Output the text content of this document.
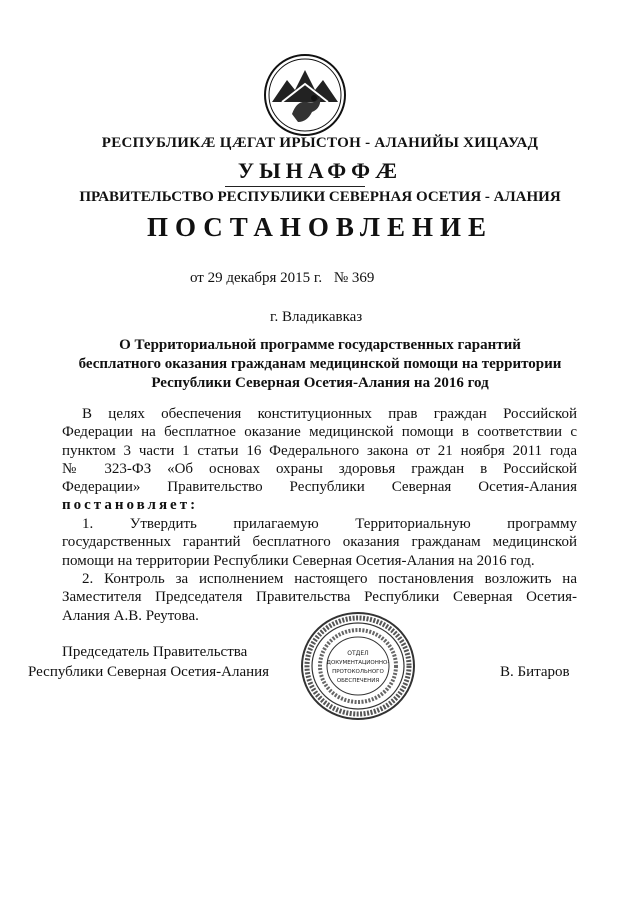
РЕСПУБЛИКÆ ЦÆГАТ ИРЫСТОН - АЛАНИЙЫ ХИЦАУАД
УЫНАФФÆ
ПРАВИТЕЛЬСТВО РЕСПУБЛИКИ СЕВЕРНАЯ ОСЕТИЯ - АЛАНИЯ
ПОСТАНОВЛЕНИЕ
от 29 декабря 2015 г. № 369
г. Владикавказ
О Территориальной программе государственных гарантий
бесплатного оказания гражданам медицинской помощи на территории
Республики Северная Осетия-Алания на 2016 год
В целях обеспечения конституционных прав граждан Российской
Федерации на бесплатное оказание медицинской помощи в соответствии с
пунктом 3 части 1 статьи 16 Федерального закона от 21 ноября 2011 года
№ 323-ФЗ «Об основах охраны здоровья граждан в Российской
Федерации» Правительство Республики Северная Осетия-Алания
постановляет:
1. Утвердить прилагаемую Территориальную программу
государственных гарантий бесплатного оказания гражданам медицинской
помощи на территории Республики Северная Осетия-Алания на 2016 год.
2. Контроль за исполнением настоящего постановления возложить на
Заместителя Председателя Правительства Республики Северная Осетия-
Алания А.В. Реутова.
Председатель Правительства
Республики Северная Осетия-Алания	В. Битаров
ОТДЕЛ
ДОКУМЕНТАЦИОННО-
ПРОТОКОЛЬНОГО
ОБЕСПЕЧЕНИЯ
